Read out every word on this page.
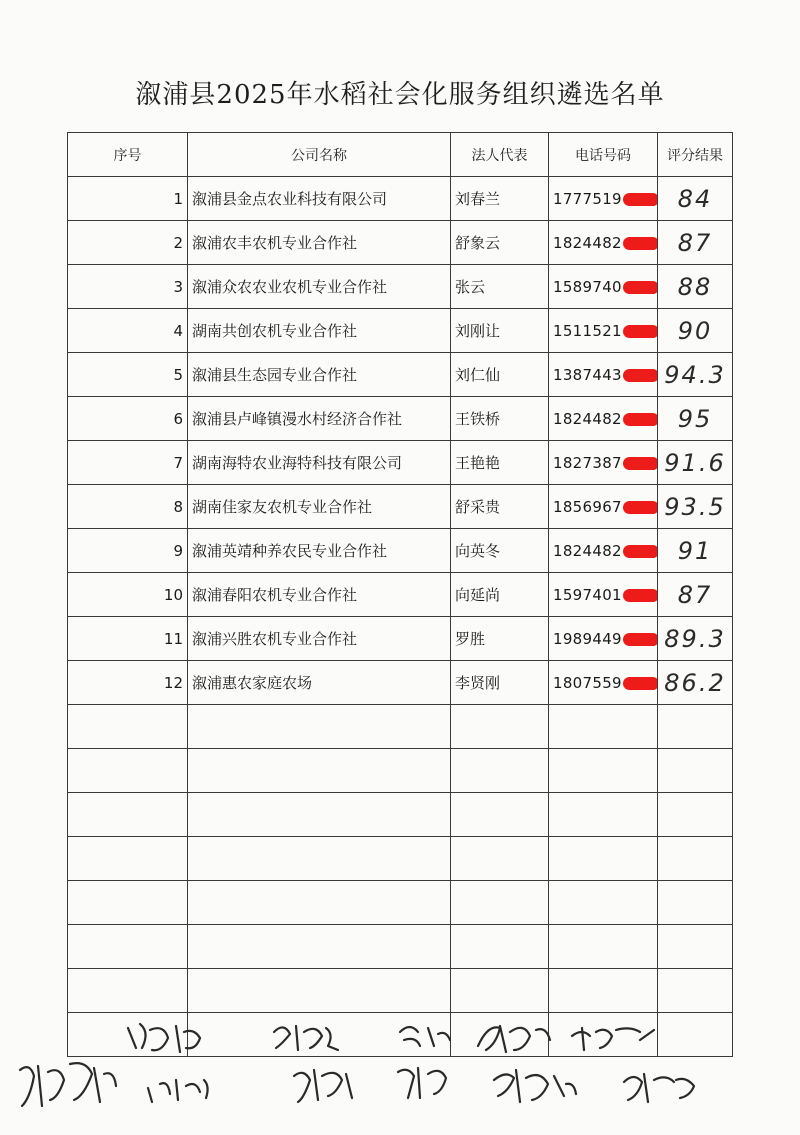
溆浦县2025年水稻社会化服务组织遴选名单
序号	公司名称	法人代表	电话号码	评分结果
1	溆浦县金点农业科技有限公司	刘春兰	1777519	84
2	溆浦农丰农机专业合作社	舒象云	1824482	87
3	溆浦众农农业农机专业合作社	张云	1589740	88
4	湖南共创农机专业合作社	刘刚让	1511521	90
5	溆浦县生态园专业合作社	刘仁仙	1387443	94.3
6	溆浦县卢峰镇漫水村经济合作社	王铁桥	1824482	95
7	湖南海特农业海特科技有限公司	王艳艳	1827387	91.6
8	湖南佳家友农机专业合作社	舒采贵	1856967	93.5
9	溆浦英靖种养农民专业合作社	向英冬	1824482	91
10	溆浦春阳农机专业合作社	向延尚	1597401	87
11	溆浦兴胜农机专业合作社	罗胜	1989449	89.3
12	溆浦惠农家庭农场	李贤刚	1807559	86.2
